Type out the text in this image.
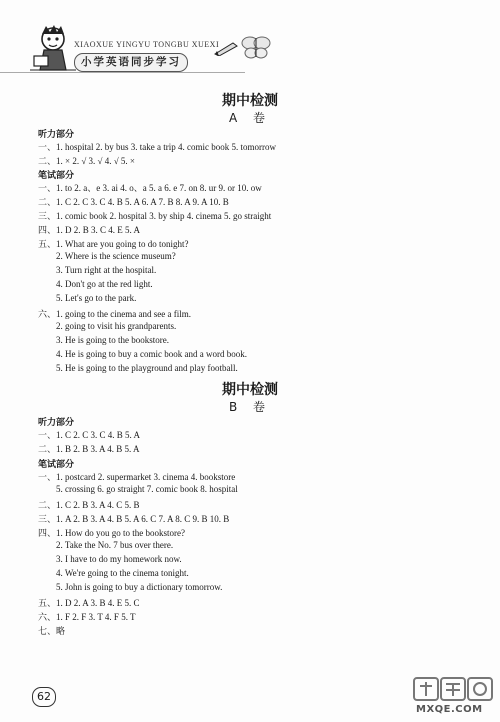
XIAOXUE YINGYU TONGBU XUEXI
小学英语同步学习
期中检测
A 卷
听力部分
一、1. hospital 2. by bus 3. take a trip 4. comic book 5. tomorrow
二、1. × 2. √ 3. √ 4. √ 5. ×
笔试部分
一、1. to 2. a、e 3. ai 4. o、a 5. a 6. e 7. on 8. ur 9. or 10. ow
二、1. C 2. C 3. C 4. B 5. A 6. A 7. B 8. A 9. A 10. B
三、1. comic book 2. hospital 3. by ship 4. cinema 5. go straight
四、1. D 2. B 3. C 4. E 5. A
五、1. What are you going to do tonight?
2. Where is the science museum?
3. Turn right at the hospital.
4. Don't go at the red light.
5. Let's go to the park.
六、1. going to the cinema and see a film.
2. going to visit his grandparents.
3. He is going to the bookstore.
4. He is going to buy a comic book and a word book.
5. He is going to the playground and play football.
期中检测
B 卷
听力部分
一、1. C 2. C 3. C 4. B 5. A
二、1. B 2. B 3. A 4. B 5. A
笔试部分
一、1. postcard 2. supermarket 3. cinema 4. bookstore
5. crossing 6. go straight 7. comic book 8. hospital
二、1. C 2. B 3. A 4. C 5. B
三、1. A 2. B 3. A 4. B 5. A 6. C 7. A 8. C 9. B 10. B
四、1. How do you go to the bookstore?
2. Take the No. 7 bus over there.
3. I have to do my homework now.
4. We're going to the cinema tonight.
5. John is going to buy a dictionary tomorrow.
五、1. D 2. A 3. B 4. E 5. C
六、1. F 2. F 3. T 4. F 5. T
七、略
62
MXQE.COM
